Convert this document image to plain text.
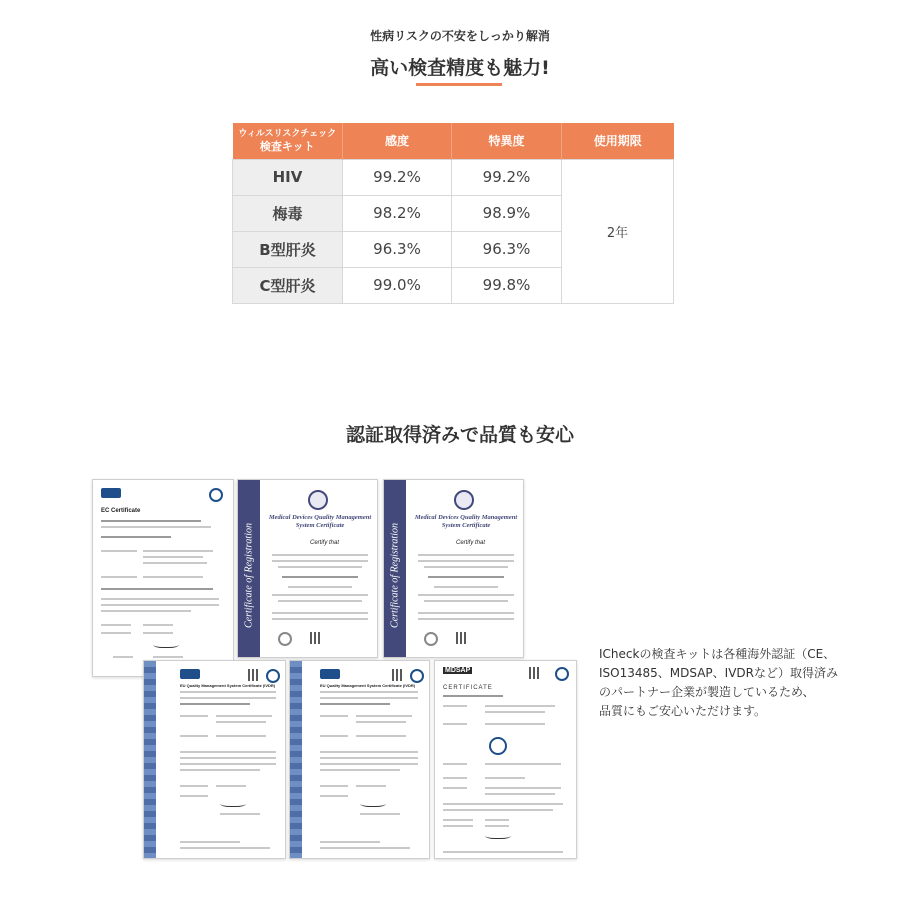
性病リスクの不安をしっかり解消
高い検査精度も魅力!
ウィルスリスクチェック
検査キット	感度	特異度	使用期限
HIV	99.2%	99.2%	2年
梅毒	98.2%	98.9%	
B型肝炎	96.3%	96.3%	
C型肝炎	99.0%	99.8%	
認証取得済みで品質も安心
EC Certificate
Certificate of Registration
Medical Devices Quality Management System Certificate
Certify that	Certificate of Registration
Medical Devices Quality Management System Certificate
Certify that
EU Quality Management System Certificate (IVDR)	EU Quality Management System Certificate (IVDR)
MDSAP
CERTIFICATE

ICheckの検査キットは各種海外認証（CE、

ISO13485、MDSAP、IVDRなど）取得済み

のパートナー企業が製造しているため、

品質にもご安心いただけます。
